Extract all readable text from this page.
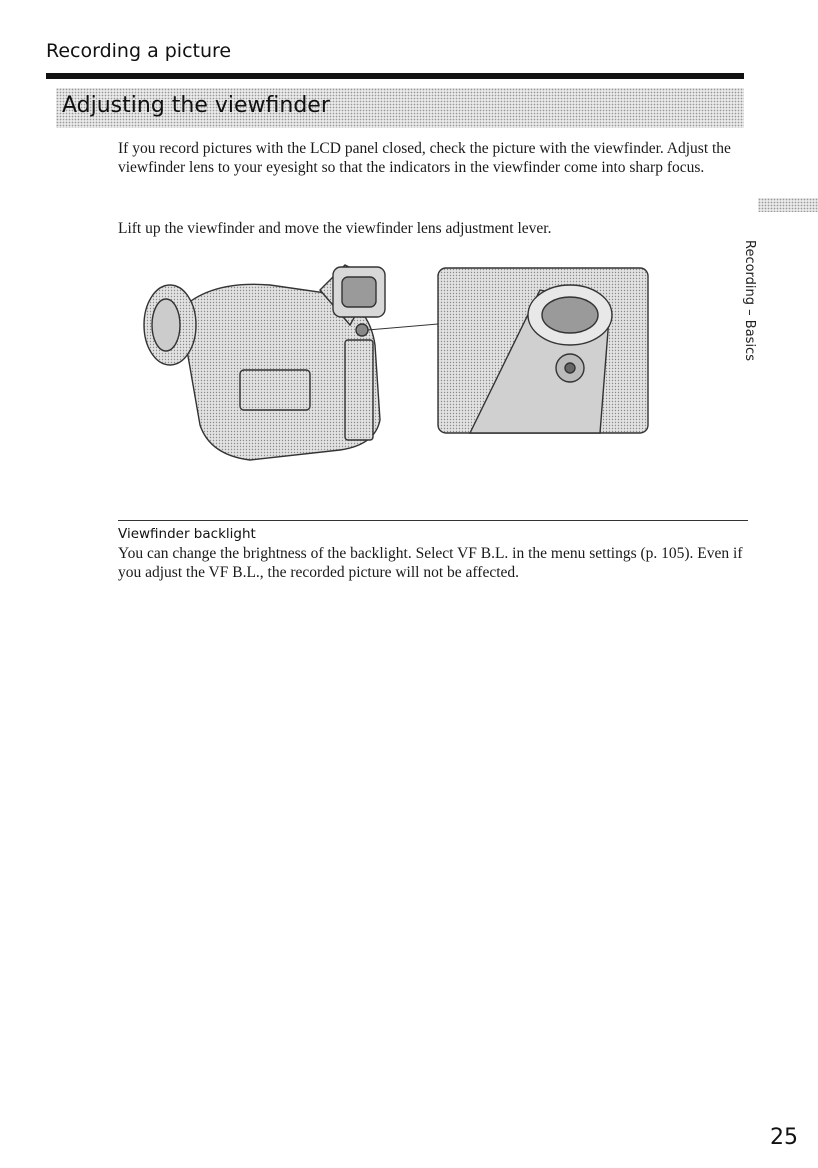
Recording a picture
Adjusting the viewfinder
Recording – Basics

If you record pictures with the LCD panel closed, check the picture with the viewfinder. Adjust the viewfinder lens to your eyesight so that the indicators in the viewfinder come into sharp focus.

Lift up the viewfinder and move the viewfinder lens adjustment lever.

Viewfinder backlight

You can change the brightness of the backlight. Select VF B.L. in the menu settings (p. 105). Even if you adjust the VF B.L., the recorded picture will not be affected.

25
